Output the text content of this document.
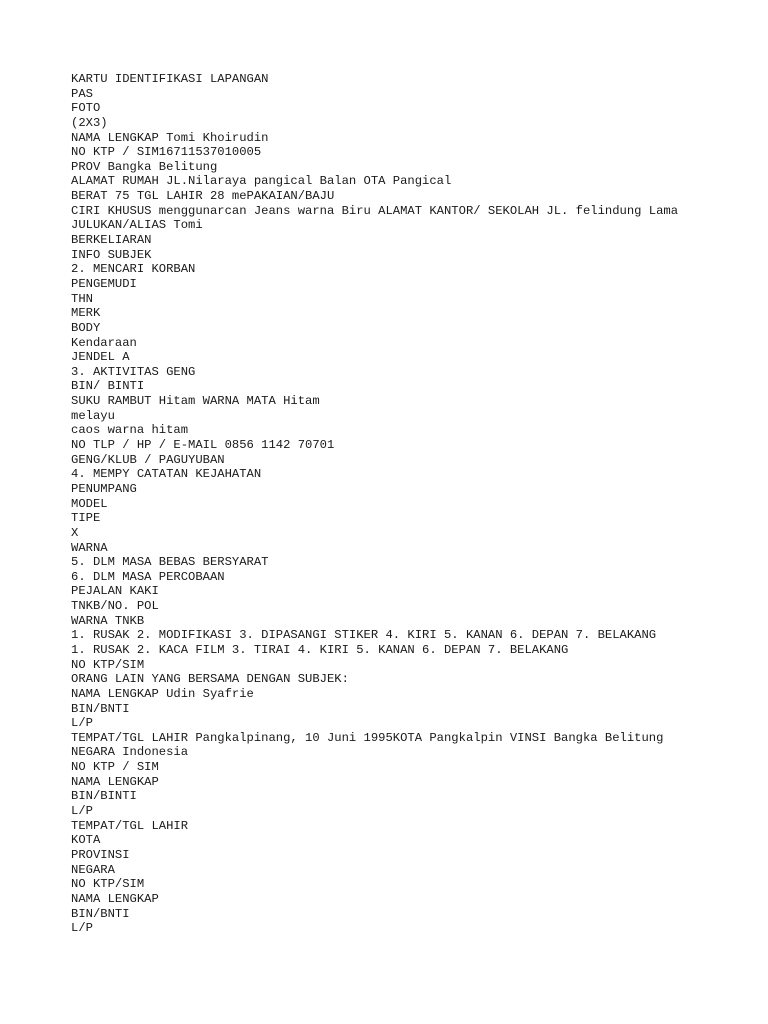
KARTU IDENTIFIKASI LAPANGAN
PAS
FOTO
(2X3)
NAMA LENGKAP Tomi Khoirudin
NO KTP / SIM16711537010005
PROV Bangka Belitung
ALAMAT RUMAH JL.Nilaraya pangical Balan OTA Pangical
BERAT 75 TGL LAHIR 28 mePAKAIAN/BAJU
CIRI KHUSUS menggunarcan Jeans warna Biru ALAMAT KANTOR/ SEKOLAH JL. felindung Lama
JULUKAN/ALIAS Tomi
BERKELIARAN
INFO SUBJEK
2. MENCARI KORBAN
PENGEMUDI
THN
MERK
BODY
Kendaraan
JENDEL A
3. AKTIVITAS GENG
BIN/ BINTI
SUKU RAMBUT Hitam WARNA MATA Hitam
melayu
caos warna hitam
NO TLP / HP / E-MAIL 0856 1142 70701
GENG/KLUB / PAGUYUBAN
4. MEMPY CATATAN KEJAHATAN
PENUMPANG
MODEL
TIPE
X
WARNA
5. DLM MASA BEBAS BERSYARAT
6. DLM MASA PERCOBAAN
PEJALAN KAKI
TNKB/NO. POL
WARNA TNKB
1. RUSAK 2. MODIFIKASI 3. DIPASANGI STIKER 4. KIRI 5. KANAN 6. DEPAN 7. BELAKANG
1. RUSAK 2. KACA FILM 3. TIRAI 4. KIRI 5. KANAN 6. DEPAN 7. BELAKANG
NO KTP/SIM
ORANG LAIN YANG BERSAMA DENGAN SUBJEK:
NAMA LENGKAP Udin Syafrie
BIN/BNTI
L/P
TEMPAT/TGL LAHIR Pangkalpinang, 10 Juni 1995KOTA Pangkalpin VINSI Bangka Belitung
NEGARA Indonesia
NO KTP / SIM
NAMA LENGKAP
BIN/BINTI
L/P
TEMPAT/TGL LAHIR
KOTA
PROVINSI
NEGARA
NO KTP/SIM
NAMA LENGKAP
BIN/BNTI
L/P
